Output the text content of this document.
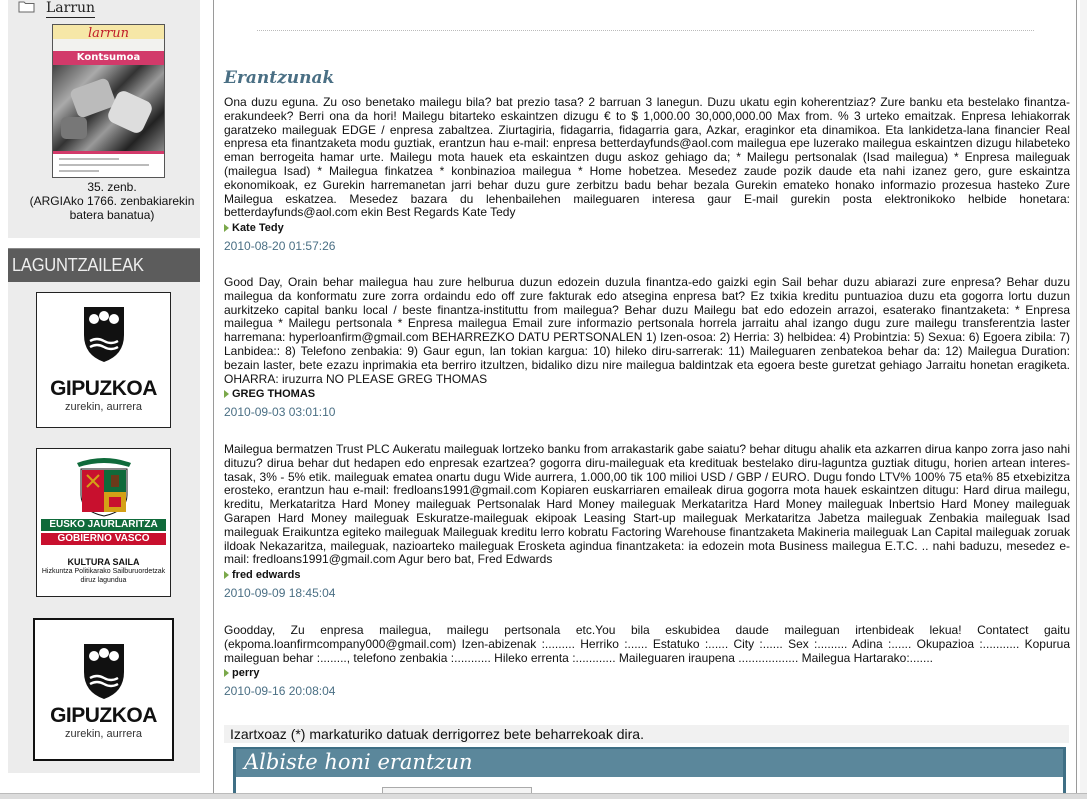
Larrun
larrun
Kontsumoa
35. zenb.
(ARGIAko 1766. zenbakiarekin
batera banatua)
LAGUNTZAILEAK
GIPUZKOA
zurekin, aurrera
EUSKO JAURLARITZA
GOBIERNO VASCO
KULTURA SAILA
Hizkuntza Politikarako Sailburuordetzak
diruz lagundua
GIPUZKOA
zurekin, aurrera
Erantzunak
Ona duzu eguna. Zu oso benetako mailegu bila? bat prezio tasa? 2 barruan 3 lanegun. Duzu ukatu egin koherentziaz? Zure banku eta bestelako finantza-erakundeek? Berri ona da hori! Mailegu bitarteko eskaintzen dizugu € to $ 1,000.00 30,000,000.00 Max from. % 3 urteko emaitzak. Enpresa lehiakorrak garatzeko maileguak EDGE / enpresa zabaltzea. Ziurtagiria, fidagarria, fidagarria gara, Azkar, eraginkor eta dinamikoa. Eta lankidetza-lana financier Real enpresa eta finantzaketa modu guztiak, erantzun hau e-mail: enpresa betterdayfunds@aol.com mailegua epe luzerako mailegua eskaintzen dizugu hilabeteko eman berrogeita hamar urte. Mailegu mota hauek eta eskaintzen dugu askoz gehiago da; * Mailegu pertsonalak (Isad mailegua) * Enpresa maileguak (mailegua Isad) * Mailegua finkatzea * konbinazioa mailegua * Home hobetzea. Mesedez zaude pozik daude eta nahi izanez gero, gure eskaintza ekonomikoak, ez Gurekin harremanetan jarri behar duzu gure zerbitzu badu behar bezala Gurekin emateko honako informazio prozesua hasteko Zure Mailegua eskatzea. Mesedez bazara du lehenbailehen maileguaren interesa gaur E-mail gurekin posta elektronikoko helbide honetara: betterdayfunds@aol.com ekin Best Regards Kate Tedy
Kate Tedy
2010-08-20 01:57:26
Good Day, Orain behar mailegua hau zure helburua duzun edozein duzula finantza-edo gaizki egin Sail behar duzu abiarazi zure enpresa? Behar duzu mailegua da konformatu zure zorra ordaindu edo off zure fakturak edo atsegina enpresa bat? Ez txikia kreditu puntuazioa duzu eta gogorra lortu duzun aurkitzeko capital banku local / beste finantza-instituttu from mailegua? Behar duzu Mailegu bat edo edozein arrazoi, esaterako finantzaketa: * Enpresa mailegua * Mailegu pertsonala * Enpresa mailegua Email zure informazio pertsonala horrela jarraitu ahal izango dugu zure mailegu transferentzia laster harremana: hyperloanfirm@gmail.com BEHARREZKO DATU PERTSONALEN 1) Izen-osoa: 2) Herria: 3) helbidea: 4) Probintzia: 5) Sexua: 6) Egoera zibila: 7) Lanbidea:: 8) Telefono zenbakia: 9) Gaur egun, lan tokian kargua: 10) hileko diru-sarrerak: 11) Maileguaren zenbatekoa behar da: 12) Mailegua Duration: bezain laster, bete ezazu inprimakia eta berriro itzultzen, bidaliko dizu nire mailegua baldintzak eta egoera beste guretzat gehiago Jarraitu honetan eragiketa. OHARRA: iruzurra NO PLEASE GREG THOMAS
GREG THOMAS
2010-09-03 03:01:10
Mailegua bermatzen Trust PLC Aukeratu maileguak lortzeko banku from arrakastarik gabe saiatu? behar ditugu ahalik eta azkarren dirua kanpo zorra jaso nahi dituzu? dirua behar dut hedapen edo enpresak ezartzea? gogorra diru-maileguak eta kredituak bestelako diru-laguntza guztiak ditugu, horien artean interes-tasak, 3% - 5% etik. maileguak ematea onartu dugu Wide aurrera, 1.000,00 tik 100 milioi USD / GBP / EURO. Dugu fondo LTV% 100% 75 eta% 85 etxebizitza erosteko, erantzun hau e-mail: fredloans1991@gmail.com Kopiaren euskarriaren emaileak dirua gogorra mota hauek eskaintzen ditugu: Hard dirua mailegu, kreditu, Merkataritza Hard Money maileguak Pertsonalak Hard Money maileguak Merkataritza Hard Money maileguak Inbertsio Hard Money maileguak Garapen Hard Money maileguak Eskuratze-maileguak ekipoak Leasing Start-up maileguak Merkataritza Jabetza maileguak Zenbakia maileguak Isad maileguak Eraikuntza egiteko maileguak Maileguak kreditu lerro kobratu Factoring Warehouse finantzaketa Makineria maileguak Lan Capital maileguak zoruak ildoak Nekazaritza, maileguak, nazioarteko maileguak Erosketa agindua finantzaketa: ia edozein mota Business mailegua E.T.C. .. nahi baduzu, mesedez e-mail: fredloans1991@gmail.com Agur bero bat, Fred Edwards
fred edwards
2010-09-09 18:45:04
Goodday, Zu enpresa mailegua, mailegu pertsonala etc.You bila eskubidea daude maileguan irtenbideak lekua! Contatect gaitu (ekpoma.loanfirmcompany000@gmail.com) Izen-abizenak :......... Herriko :...... Estatuko :...... City :...... Sex :......... Adina :...... Okupazioa :........... Kopurua maileguan behar :........, telefono zenbakia :........... Hileko errenta :............ Maileguaren iraupena .................. Mailegua Hartarako:.......
perry
2010-09-16 20:08:04
Izartxoaz (*) markaturiko datuak derrigorrez bete beharrekoak dira.
Albiste honi erantzun
